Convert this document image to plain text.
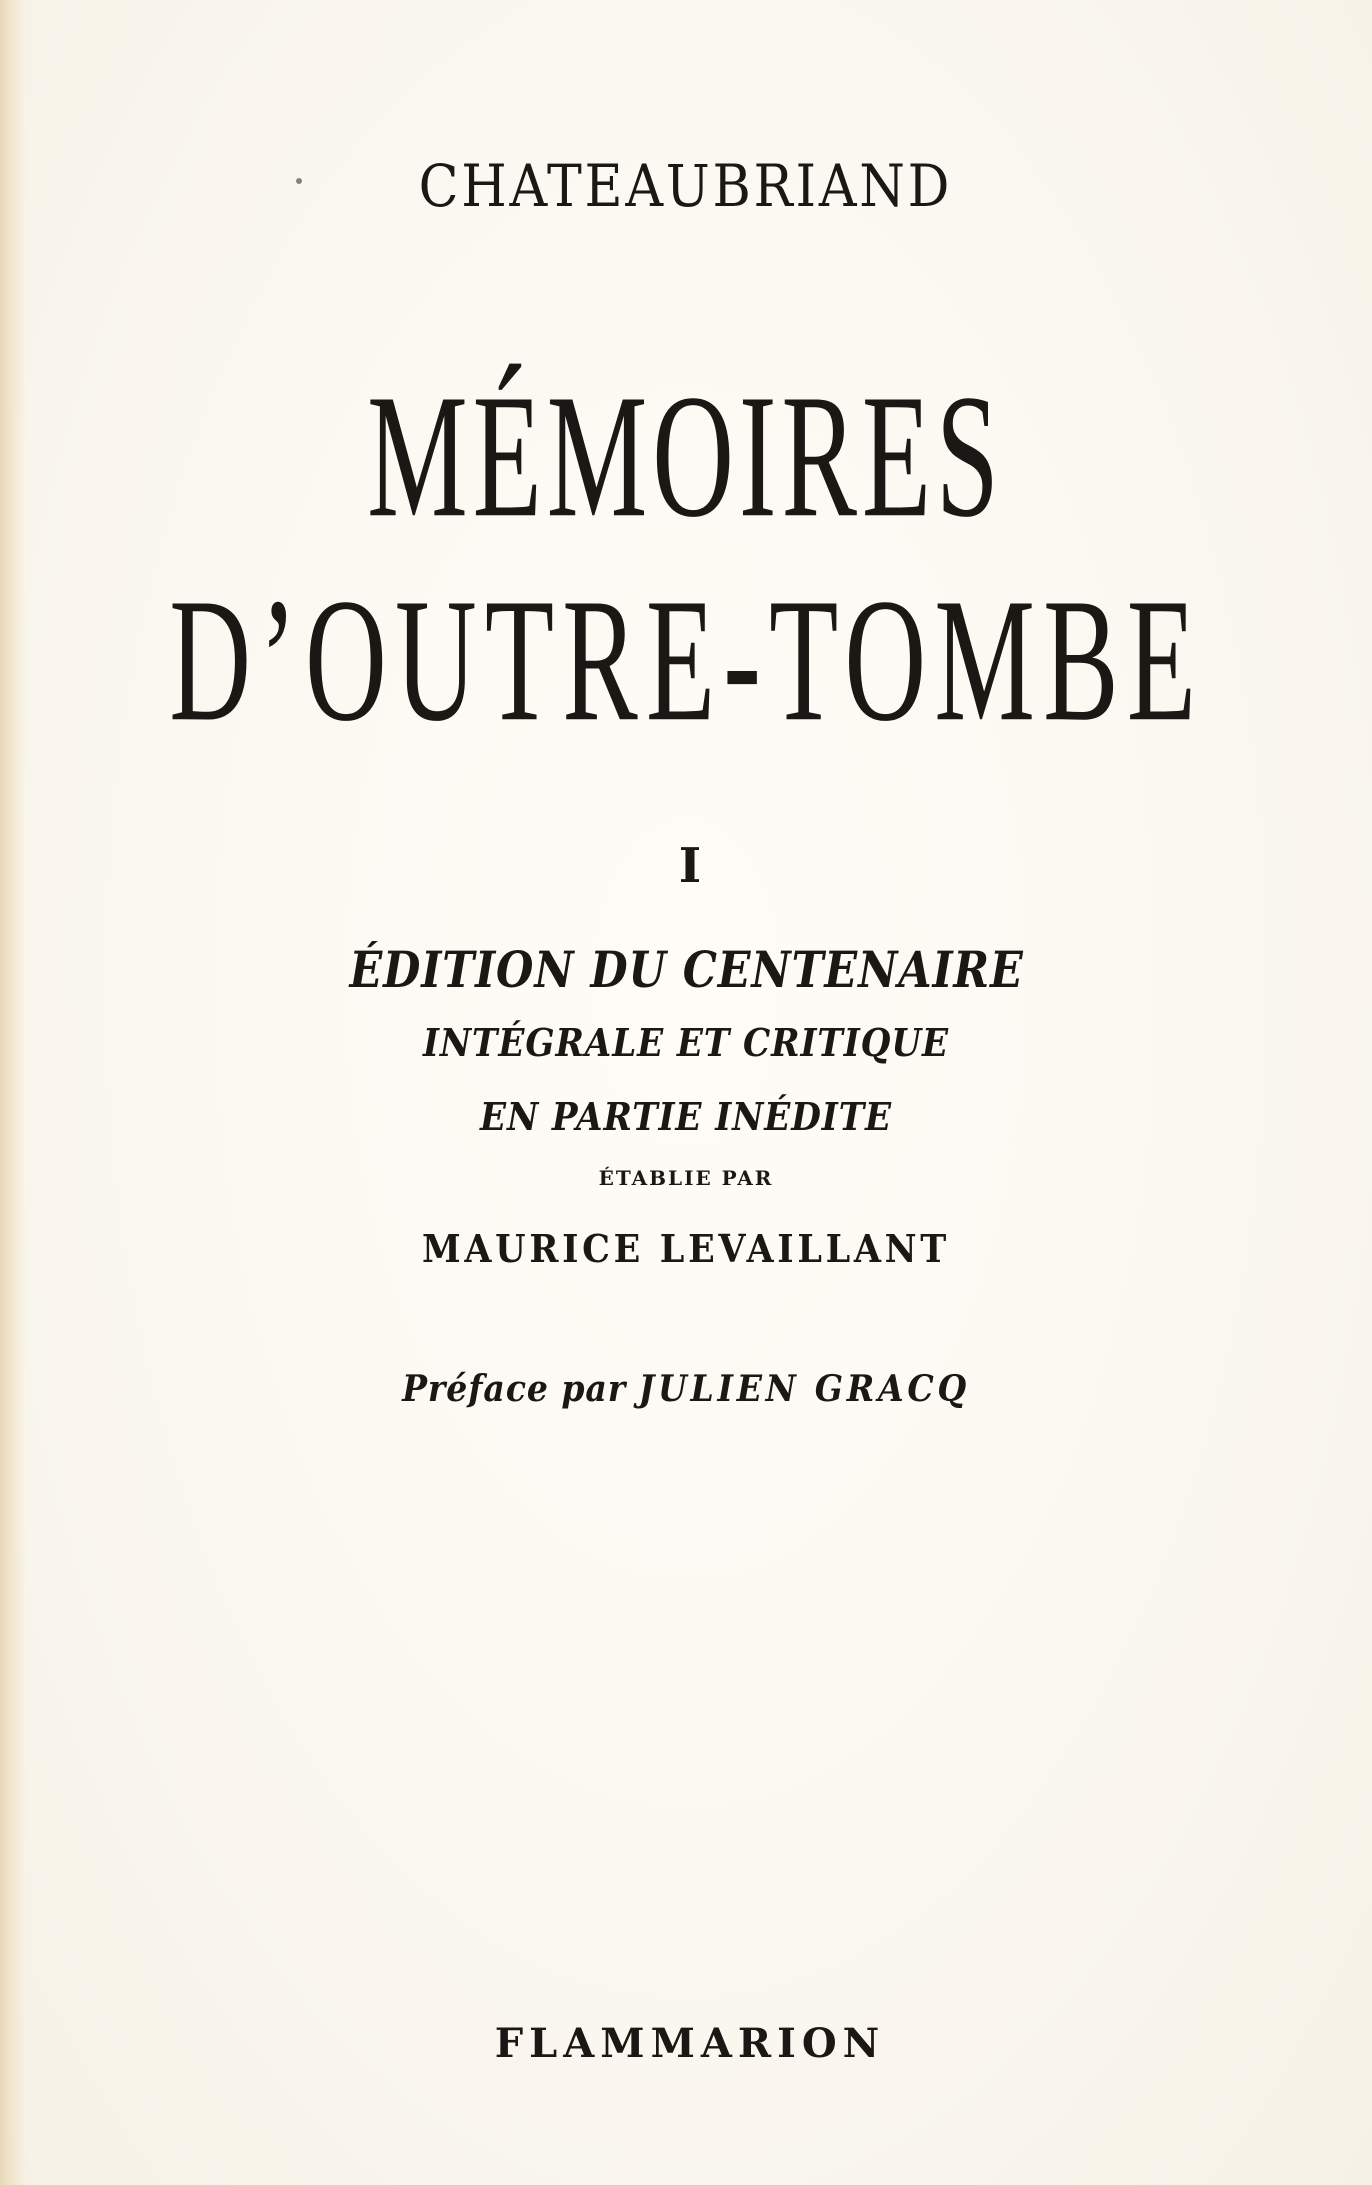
CHATEAUBRIAND
MÉMOIRES
D’OUTRE-TOMBE
I
ÉDITION DU CENTENAIRE
INTÉGRALE ET CRITIQUE
EN PARTIE INÉDITE
ÉTABLIE PAR
MAURICE LEVAILLANT
Préface par JULIEN GRACQ
FLAMMARION
